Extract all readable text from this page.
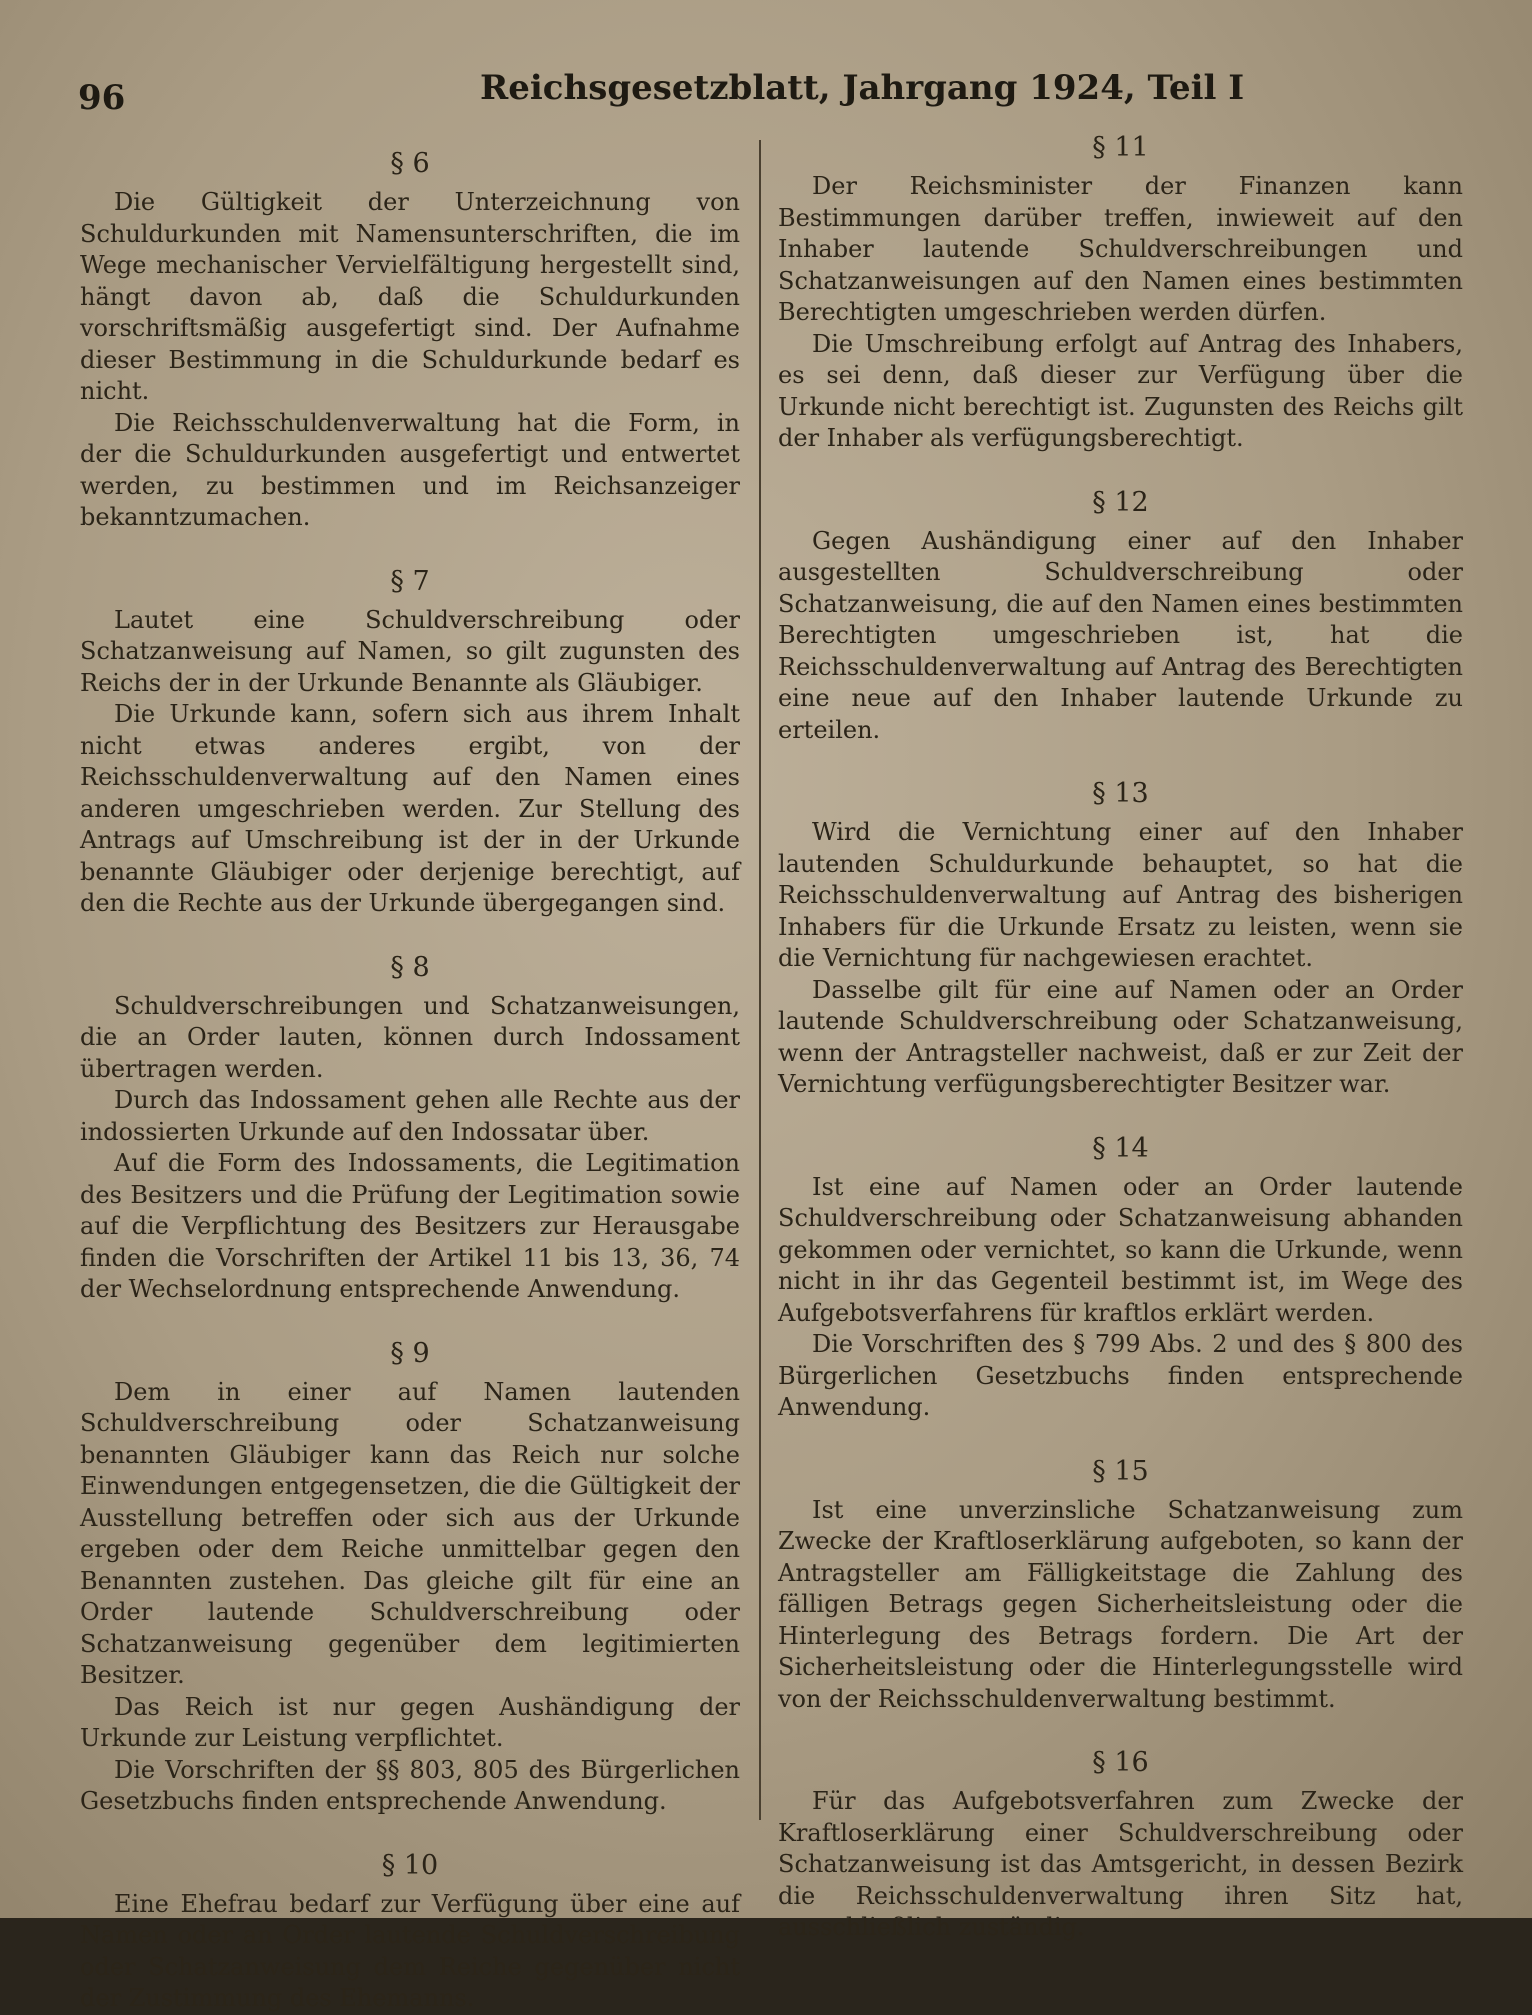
96	Reichsgesetzblatt, Jahrgang 1924, Teil I
§ 6

Die Gültigkeit der Unterzeichnung von Schuldurkunden mit Namensunterschriften, die im Wege mechanischer Vervielfältigung hergestellt sind, hängt davon ab, daß die Schuldurkunden vorschriftsmäßig ausgefertigt sind. Der Aufnahme dieser Bestimmung in die Schuldurkunde bedarf es nicht.

Die Reichsschuldenverwaltung hat die Form, in der die Schuldurkunden ausgefertigt und entwertet werden, zu bestimmen und im Reichsanzeiger bekanntzumachen.

§ 7

Lautet eine Schuldverschreibung oder Schatzanweisung auf Namen, so gilt zugunsten des Reichs der in der Urkunde Benannte als Gläubiger.

Die Urkunde kann, sofern sich aus ihrem Inhalt nicht etwas anderes ergibt, von der Reichsschuldenverwaltung auf den Namen eines anderen umgeschrieben werden. Zur Stellung des Antrags auf Umschreibung ist der in der Urkunde benannte Gläubiger oder derjenige berechtigt, auf den die Rechte aus der Urkunde übergegangen sind.

§ 8

Schuldverschreibungen und Schatzanweisungen, die an Order lauten, können durch Indossament übertragen werden.

Durch das Indossament gehen alle Rechte aus der indossierten Urkunde auf den Indossatar über.

Auf die Form des Indossaments, die Legitimation des Besitzers und die Prüfung der Legitimation sowie auf die Verpflichtung des Besitzers zur Herausgabe finden die Vorschriften der Artikel 11 bis 13, 36, 74 der Wechselordnung entsprechende Anwendung.

§ 9

Dem in einer auf Namen lautenden Schuldverschreibung oder Schatzanweisung benannten Gläubiger kann das Reich nur solche Einwendungen entgegensetzen, die die Gültigkeit der Ausstellung betreffen oder sich aus der Urkunde ergeben oder dem Reiche unmittelbar gegen den Benannten zustehen. Das gleiche gilt für eine an Order lautende Schuldverschreibung oder Schatzanweisung gegenüber dem legitimierten Besitzer.

Das Reich ist nur gegen Aushändigung der Urkunde zur Leistung verpflichtet.

Die Vorschriften der §§ 803, 805 des Bürgerlichen Gesetzbuchs finden entsprechende Anwendung.

§ 10

Eine Ehefrau bedarf zur Verfügung über eine auf Namen oder an Order lautende Schuldverschreibung oder Schatzanweisung dem Reiche gegenüber nicht der Zustimmung des Ehemanns.

§ 11

Der Reichsminister der Finanzen kann Bestimmungen darüber treffen, inwieweit auf den Inhaber lautende Schuldverschreibungen und Schatzanweisungen auf den Namen eines bestimmten Berechtigten umgeschrieben werden dürfen.

Die Umschreibung erfolgt auf Antrag des Inhabers, es sei denn, daß dieser zur Verfügung über die Urkunde nicht berechtigt ist. Zugunsten des Reichs gilt der Inhaber als verfügungsberechtigt.

§ 12

Gegen Aushändigung einer auf den Inhaber ausgestellten Schuldverschreibung oder Schatzanweisung, die auf den Namen eines bestimmten Berechtigten umgeschrieben ist, hat die Reichsschuldenverwaltung auf Antrag des Berechtigten eine neue auf den Inhaber lautende Urkunde zu erteilen.

§ 13

Wird die Vernichtung einer auf den Inhaber lautenden Schuldurkunde behauptet, so hat die Reichsschuldenverwaltung auf Antrag des bisherigen Inhabers für die Urkunde Ersatz zu leisten, wenn sie die Vernichtung für nachgewiesen erachtet.

Dasselbe gilt für eine auf Namen oder an Order lautende Schuldverschreibung oder Schatzanweisung, wenn der Antragsteller nachweist, daß er zur Zeit der Vernichtung verfügungsberechtigter Besitzer war.

§ 14

Ist eine auf Namen oder an Order lautende Schuldverschreibung oder Schatzanweisung abhanden gekommen oder vernichtet, so kann die Urkunde, wenn nicht in ihr das Gegenteil bestimmt ist, im Wege des Aufgebotsverfahrens für kraftlos erklärt werden.

Die Vorschriften des § 799 Abs. 2 und des § 800 des Bürgerlichen Gesetzbuchs finden entsprechende Anwendung.

§ 15

Ist eine unverzinsliche Schatzanweisung zum Zwecke der Kraftloserklärung aufgeboten, so kann der Antragsteller am Fälligkeitstage die Zahlung des fälligen Betrags gegen Sicherheitsleistung oder die Hinterlegung des Betrags fordern. Die Art der Sicherheitsleistung oder die Hinterlegungsstelle wird von der Reichsschuldenverwaltung bestimmt.

§ 16

Für das Aufgebotsverfahren zum Zwecke der Kraftloserklärung einer Schuldverschreibung oder Schatzanweisung ist das Amtsgericht, in dessen Bezirk die Reichsschuldenverwaltung ihren Sitz hat, ausschließlich zuständig.
